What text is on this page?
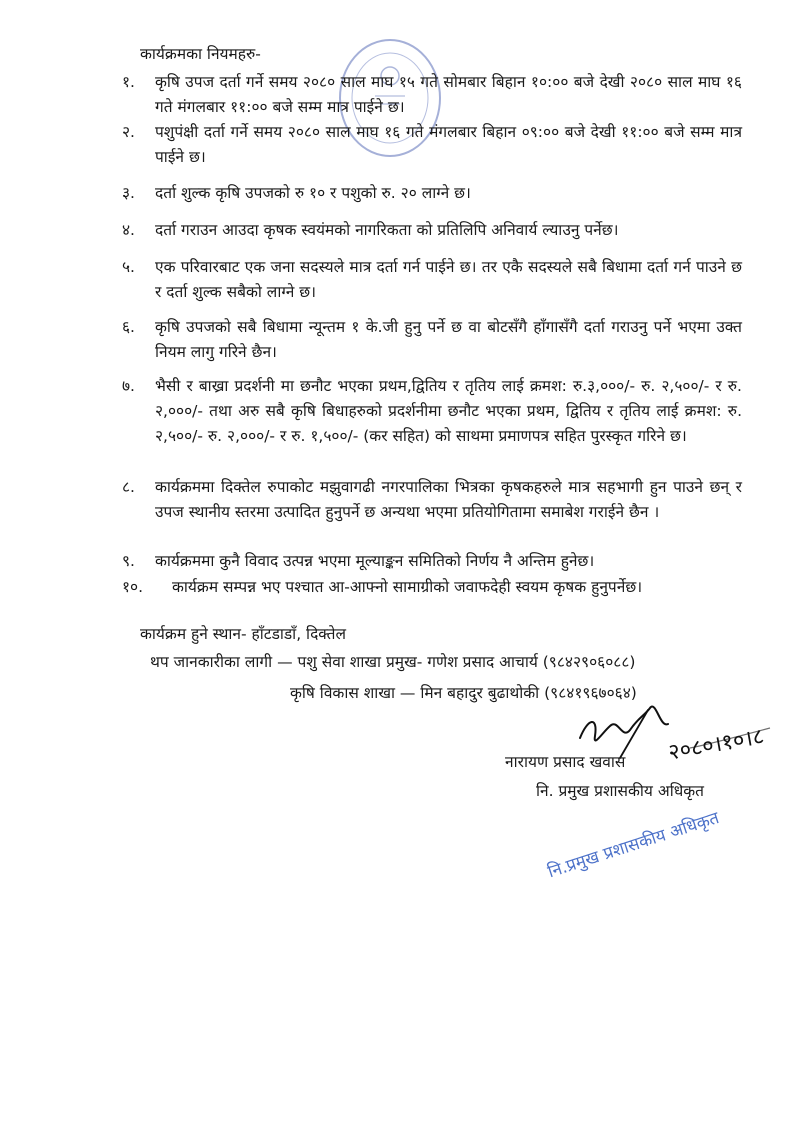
कार्यक्रमका नियमहरु-
१.	कृषि उपज दर्ता गर्ने समय २०८० साल माघ १५ गते सोमबार बिहान १०:०० बजे देखी २०८० साल माघ १६ गते मंगलबार ११:०० बजे सम्म मात्र पाईने छ।
२.	पशुपंक्षी दर्ता गर्ने समय २०८० साल माघ १६ गते मंगलबार बिहान ०९:०० बजे देखी ११:०० बजे सम्म मात्र पाईने छ।
३.	दर्ता शुल्क कृषि उपजको रु १० र पशुको रु. २० लाग्ने छ।
४.	दर्ता गराउन आउदा कृषक स्वयंमको नागरिकता को प्रतिलिपि अनिवार्य ल्याउनु पर्नेछ।
५.	एक परिवारबाट एक जना सदस्यले मात्र दर्ता गर्न पाईने छ। तर एकै सदस्यले सबै बिधामा दर्ता गर्न पाउने छ र दर्ता शुल्क सबैको लाग्ने छ।
६.	कृषि उपजको सबै बिधामा न्यून्तम १ के.जी हुनु पर्ने छ वा बोटसँगै हाँगासँगै दर्ता गराउनु पर्ने भएमा उक्त नियम लागु गरिने छैन।
७.	भैसी र बाख्रा प्रदर्शनी मा छनौट भएका प्रथम,द्वितिय र तृतिय लाई क्रमश: रु.३,०००/- रु. २,५००/- र रु. २,०००/- तथा अरु सबै कृषि बिधाहरुको प्रदर्शनीमा छनौट भएका प्रथम, द्वितिय र तृतिय लाई क्रमश: रु. २,५००/- रु. २,०००/- र रु. १,५००/- (कर सहित) को साथमा प्रमाणपत्र सहित पुरस्कृत गरिने छ।
८.	कार्यक्रममा दिक्तेल रुपाकोट मझुवागढी नगरपालिका भित्रका कृषकहरुले मात्र सहभागी हुन पाउने छन् र उपज स्थानीय स्तरमा उत्पादित हुनुपर्ने छ अन्यथा भएमा प्रतियोगितामा समाबेश गराईने छैन ।
९.	कार्यक्रममा कुनै विवाद उत्पन्न भएमा मूल्याङ्कन समितिको निर्णय नै अन्तिम हुनेछ।
१०.	कार्यक्रम सम्पन्न भए पश्चात आ-आफ्नो सामाग्रीको जवाफदेही स्वयम कृषक हुनुपर्नेछ।
कार्यक्रम हुने स्थान- हाँटडाडाँ, दिक्तेल
थप जानकारीका लागी — पशु सेवा शाखा प्रमुख- गणेश प्रसाद आचार्य (९८४२९०६०८८)
कृषि विकास शाखा — मिन बहादुर बुढाथोकी (९८४१९६७०६४)
२०८०।१०।८
नारायण प्रसाद खवास
नि. प्रमुख प्रशासकीय अधिकृत
नि.प्रमुख प्रशासकीय अधिकृत
